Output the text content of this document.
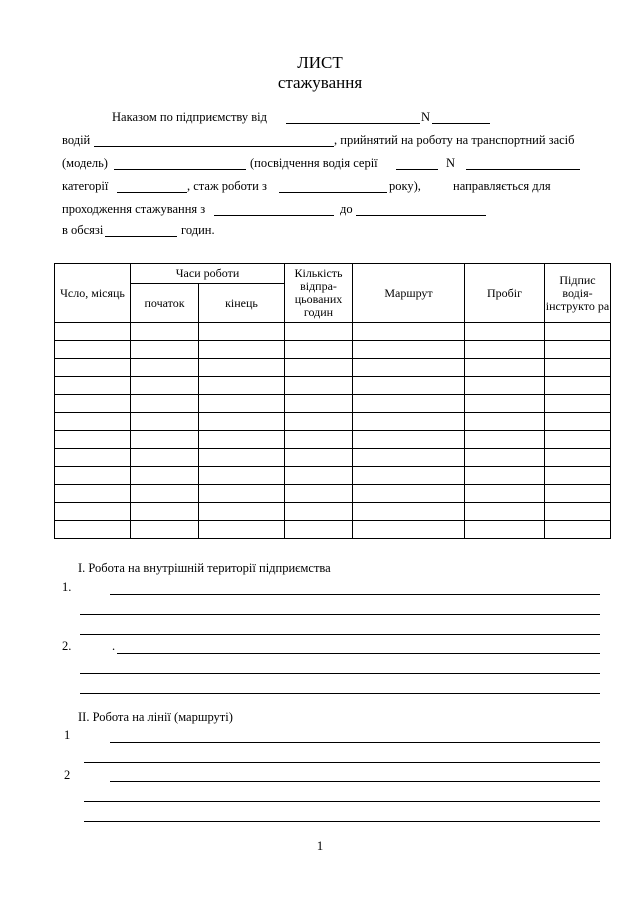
ЛИСТ
стажування
Наказом по підприємству від	N
водій	, прийнятий на роботу на транспортний засіб
(модель)	(посвідчення водія серії	N
категорії	, стаж роботи з	року),	направляється для
проходження стажування з	до
в обсязі	годин.
Чсло, місяць	Часи роботи		Кількість відпра-цьованих годин	Маршрут	Пробіг	Підпис водія-інструкто ра
	початок	кінець				

І. Робота на внутрішній території підприємства
1.
2.	.
ІІ. Робота на лінії (маршруті)
1
2
1
